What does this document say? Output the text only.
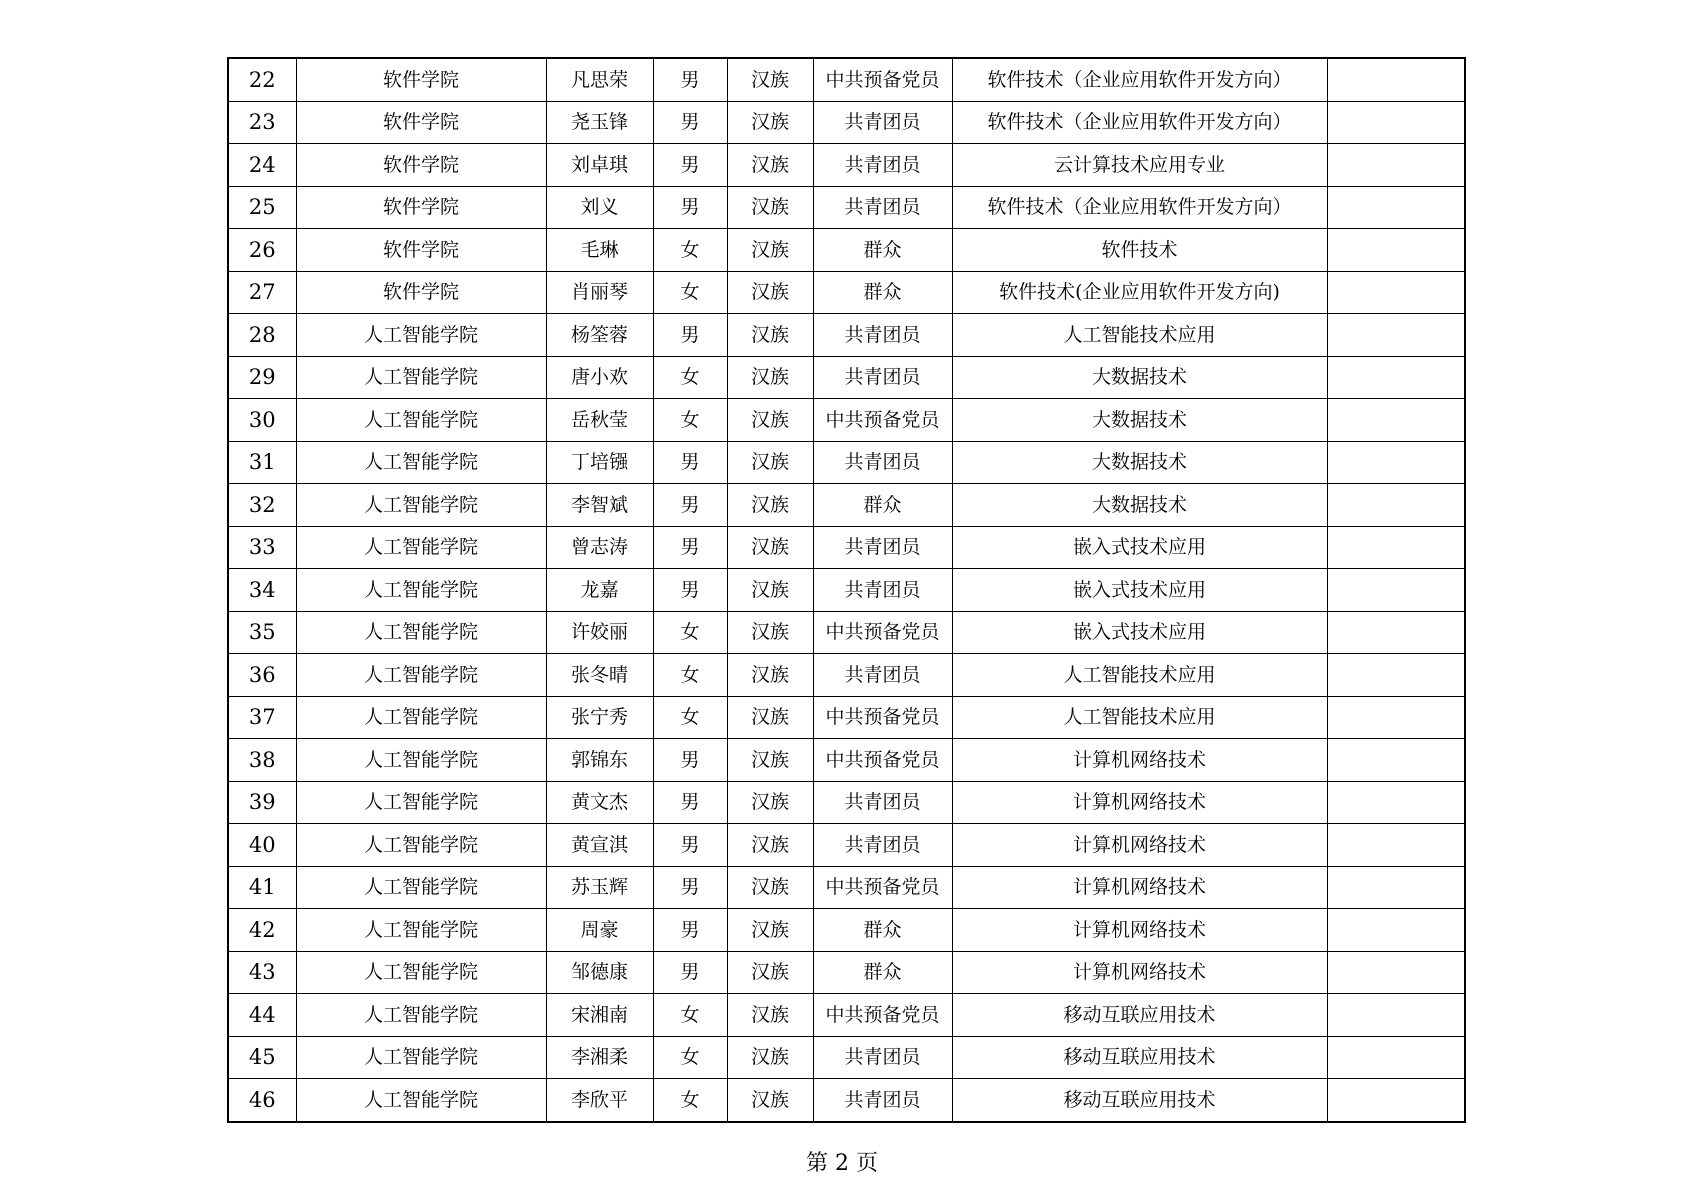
22	软件学院	凡思荣	男	汉族	中共预备党员	软件技术（企业应用软件开发方向）	
23	软件学院	尧玉锋	男	汉族	共青团员	软件技术（企业应用软件开发方向）	
24	软件学院	刘卓琪	男	汉族	共青团员	云计算技术应用专业	
25	软件学院	刘义	男	汉族	共青团员	软件技术（企业应用软件开发方向）	
26	软件学院	毛琳	女	汉族	群众	软件技术	
27	软件学院	肖丽琴	女	汉族	群众	软件技术(企业应用软件开发方向)	
28	人工智能学院	杨筌蓉	男	汉族	共青团员	人工智能技术应用	
29	人工智能学院	唐小欢	女	汉族	共青团员	大数据技术	
30	人工智能学院	岳秋莹	女	汉族	中共预备党员	大数据技术	
31	人工智能学院	丁培镪	男	汉族	共青团员	大数据技术	
32	人工智能学院	李智斌	男	汉族	群众	大数据技术	
33	人工智能学院	曾志涛	男	汉族	共青团员	嵌入式技术应用	
34	人工智能学院	龙嘉	男	汉族	共青团员	嵌入式技术应用	
35	人工智能学院	许姣丽	女	汉族	中共预备党员	嵌入式技术应用	
36	人工智能学院	张冬晴	女	汉族	共青团员	人工智能技术应用	
37	人工智能学院	张宁秀	女	汉族	中共预备党员	人工智能技术应用	
38	人工智能学院	郭锦东	男	汉族	中共预备党员	计算机网络技术	
39	人工智能学院	黄文杰	男	汉族	共青团员	计算机网络技术	
40	人工智能学院	黄宣淇	男	汉族	共青团员	计算机网络技术	
41	人工智能学院	苏玉辉	男	汉族	中共预备党员	计算机网络技术	
42	人工智能学院	周豪	男	汉族	群众	计算机网络技术	
43	人工智能学院	邹德康	男	汉族	群众	计算机网络技术	
44	人工智能学院	宋湘南	女	汉族	中共预备党员	移动互联应用技术	
45	人工智能学院	李湘柔	女	汉族	共青团员	移动互联应用技术	
46	人工智能学院	李欣平	女	汉族	共青团员	移动互联应用技术	
第 2 页
